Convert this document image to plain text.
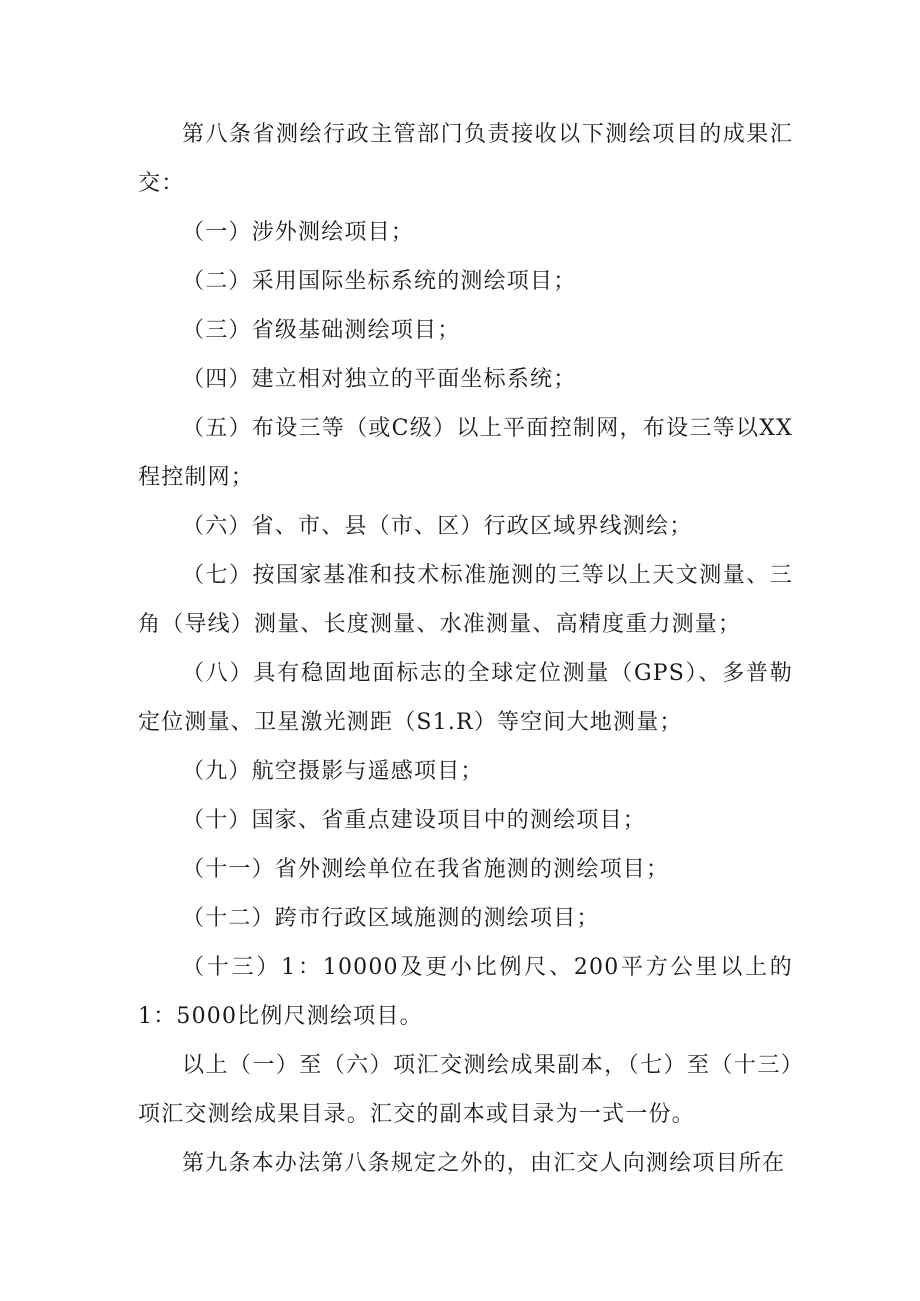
第八条省测绘行政主管部门负责接收以下测绘项目的成果汇交：

（一）涉外测绘项目；

（二）采用国际坐标系统的测绘项目；

（三）省级基础测绘项目；

（四）建立相对独立的平面坐标系统；

（五）布设三等（或C级）以上平面控制网，布设三等以XX程控制网；

（六）省、市、县（市、区）行政区域界线测绘；

（七）按国家基准和技术标准施测的三等以上天文测量、三角（导线）测量、长度测量、水准测量、高精度重力测量；

（八）具有稳固地面标志的全球定位测量（GPS）、多普勒定位测量、卫星激光测距（S1.R）等空间大地测量；

（九）航空摄影与遥感项目；

（十）国家、省重点建设项目中的测绘项目；

（十一）省外测绘单位在我省施测的测绘项目；

（十二）跨市行政区域施测的测绘项目；

（十三）1：10000及更小比例尺、200平方公里以上的1：5000比例尺测绘项目。

以上（一）至（六）项汇交测绘成果副本，（七）至（十三）项汇交测绘成果目录。汇交的副本或目录为一式一份。

第九条本办法第八条规定之外的，由汇交人向测绘项目所在
